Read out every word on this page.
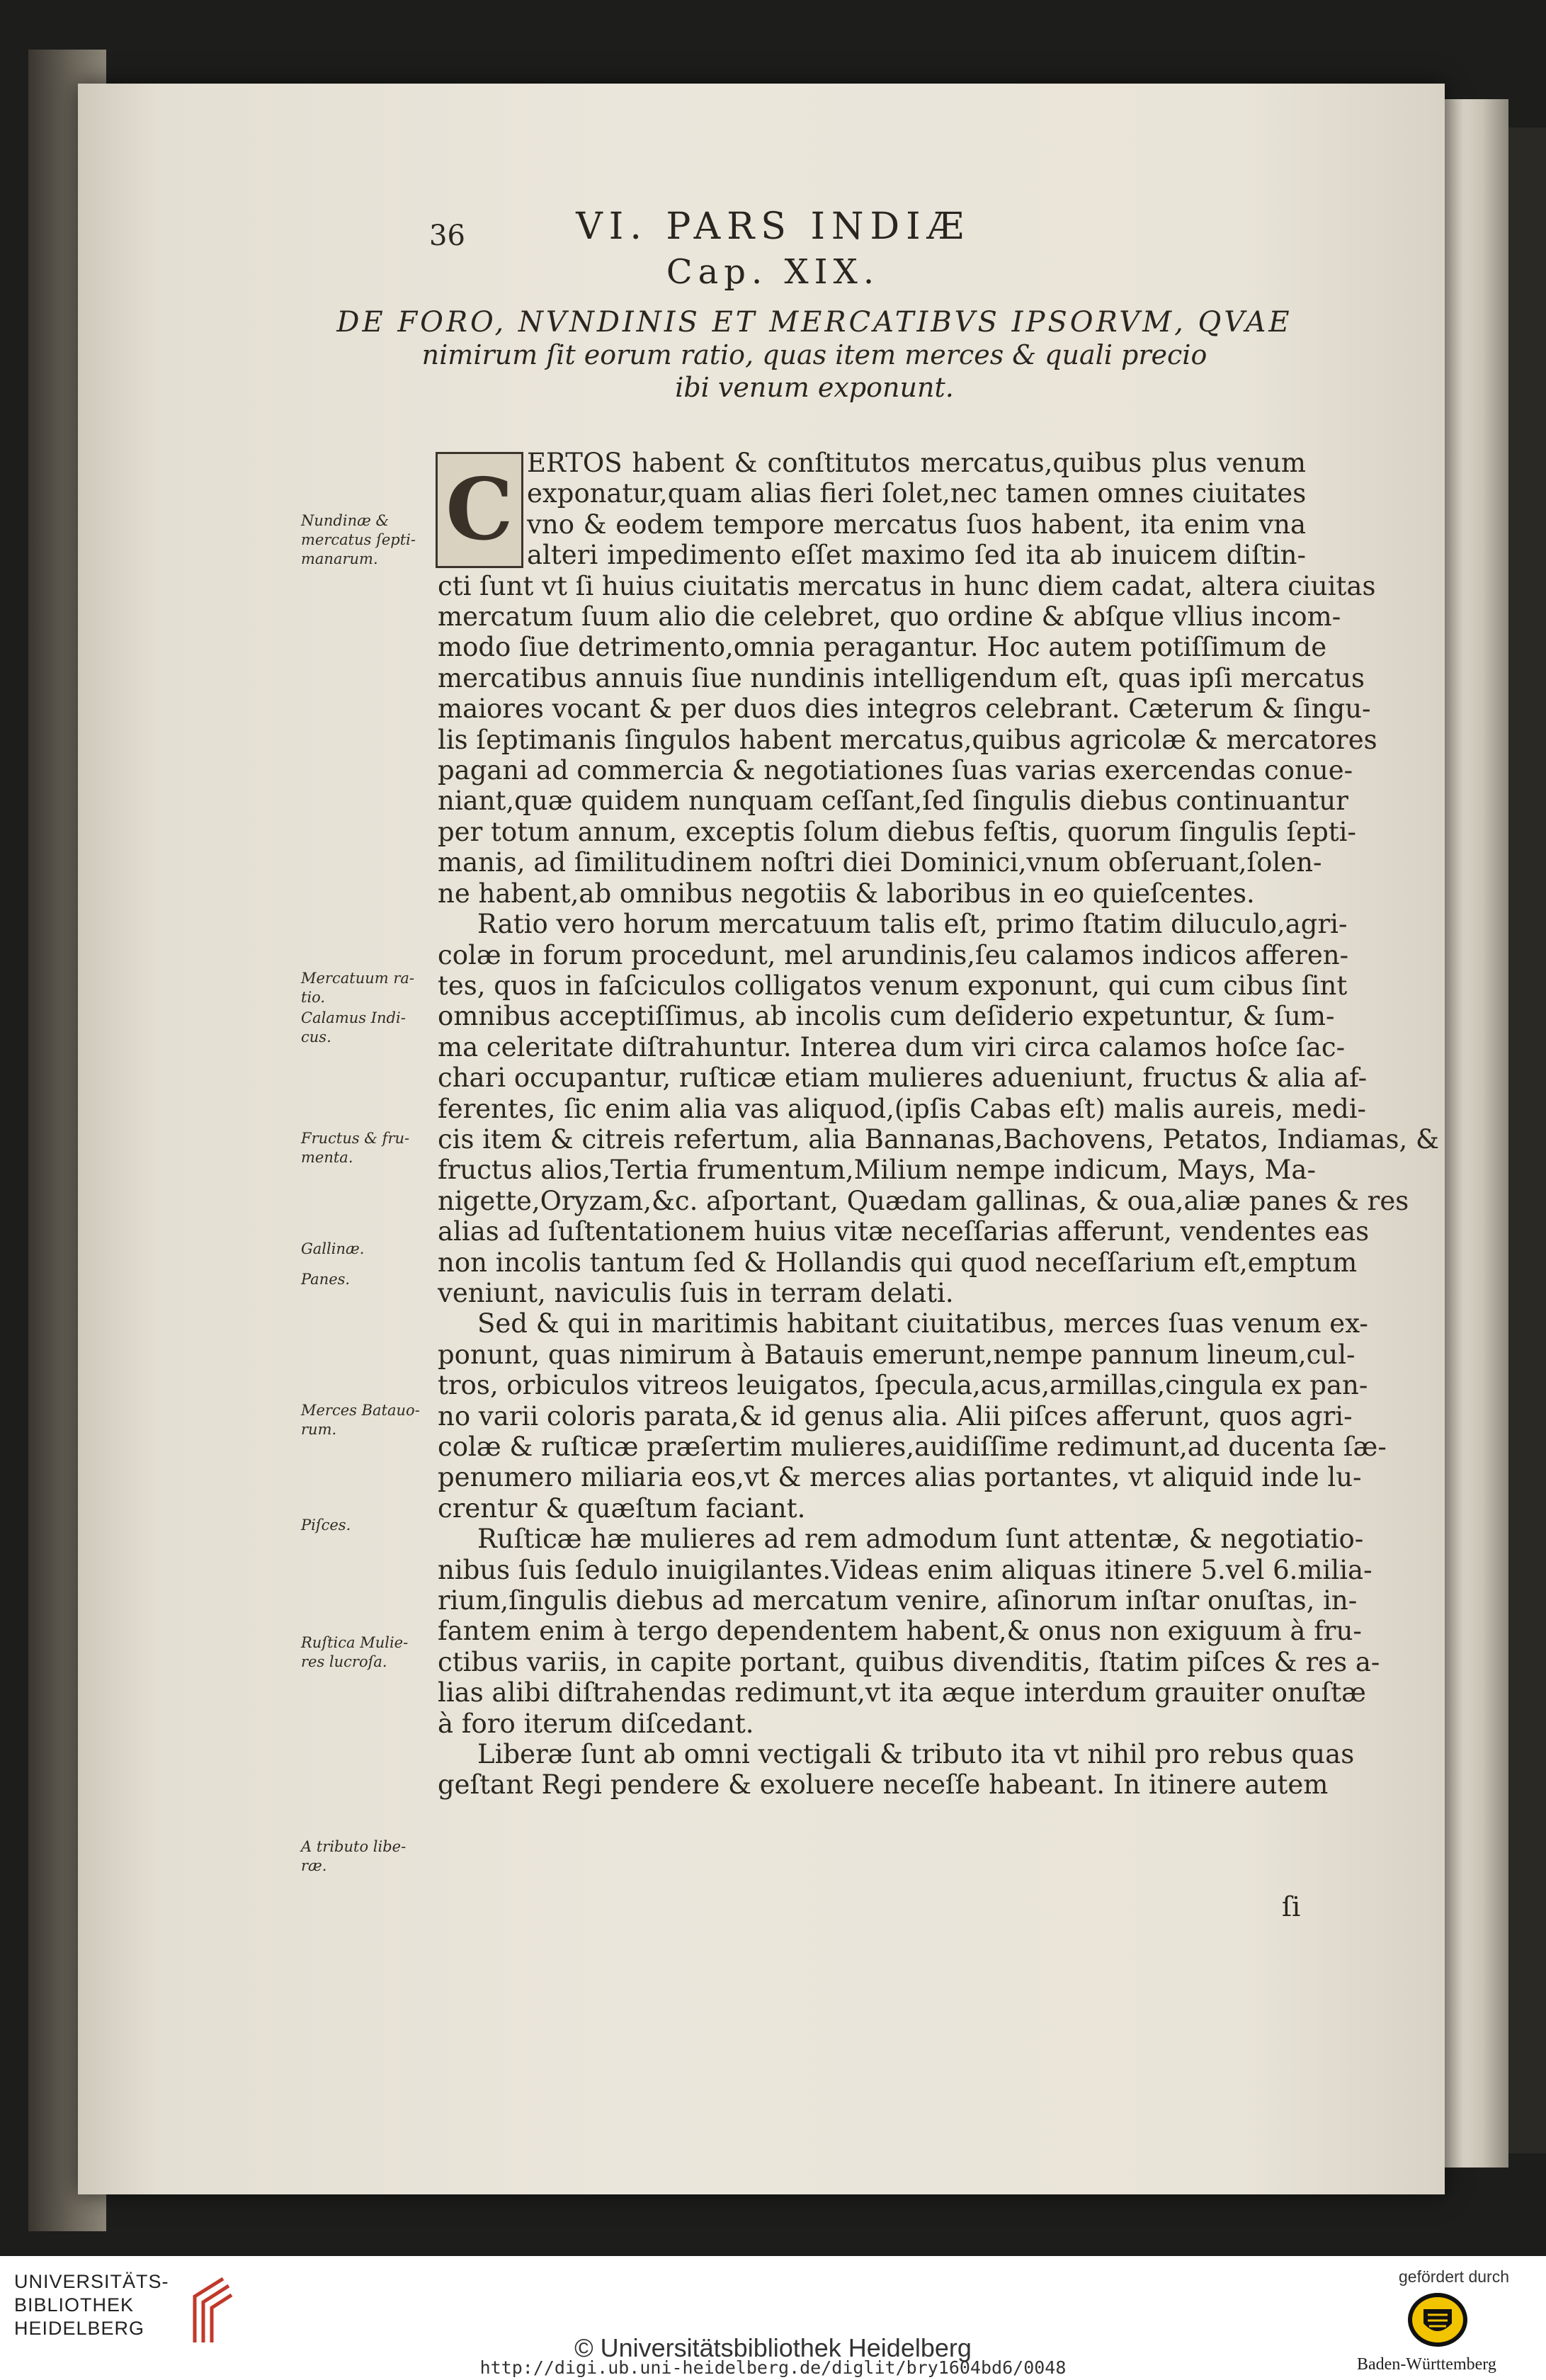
36	VI. PARS INDIÆ
Cap. XIX.
DE FORO, NVNDINIS ET MERCATIBVS IPSORVM, QVAE
nimirum ſit eorum ratio, quas item merces & quali precio
ibi venum exponunt.
C ERTOS habent & conſtitutos mercatus,quibus plus venum
exponatur,quam alias fieri ſolet,nec tamen omnes ciuitates
vno & eodem tempore mercatus ſuos habent, ita enim vna
alteri impedimento eſſet maximo ſed ita ab inuicem diſtin-
cti ſunt vt ſi huius ciuitatis mercatus in hunc diem cadat, altera ciuitas
mercatum ſuum alio die celebret, quo ordine & abſque vllius incom-
modo ſiue detrimento,omnia peragantur. Hoc autem potiſſimum de
mercatibus annuis ſiue nundinis intelligendum eſt, quas ipſi mercatus
maiores vocant & per duos dies integros celebrant. Cæterum & ſingu-
lis ſeptimanis ſingulos habent mercatus,quibus agricolæ & mercatores
pagani ad commercia & negotiationes ſuas varias exercendas conue-
niant,quæ quidem nunquam ceſſant,ſed ſingulis diebus continuantur
per totum annum, exceptis ſolum diebus feſtis, quorum ſingulis ſepti-
manis, ad ſimilitudinem noſtri diei Dominici,vnum obſeruant,ſolen-
ne habent,ab omnibus negotiis & laboribus in eo quieſcentes.
Ratio vero horum mercatuum talis eſt, primo ſtatim diluculo,agri-
colæ in forum procedunt, mel arundinis,ſeu calamos indicos afferen-
tes, quos in faſciculos colligatos venum exponunt, qui cum cibus ſint
omnibus acceptiſſimus, ab incolis cum deſiderio expetuntur, & ſum-
ma celeritate diſtrahuntur. Interea dum viri circa calamos hoſce ſac-
chari occupantur, ruſticæ etiam mulieres adueniunt, fructus & alia af-
ferentes, ſic enim alia vas aliquod,(ipſis Cabas eſt) malis aureis, medi-
cis item & citreis refertum, alia Bannanas,Bachovens, Petatos, Indiamas, &
fructus alios,Tertia frumentum,Milium nempe indicum, Mays, Ma-
nigette,Oryzam,&c. aſportant, Quædam gallinas, & oua,aliæ panes & res
alias ad ſuſtentationem huius vitæ neceſſarias afferunt, vendentes eas
non incolis tantum ſed & Hollandis qui quod neceſſarium eſt,emptum
veniunt, naviculis ſuis in terram delati.
Sed & qui in maritimis habitant ciuitatibus, merces ſuas venum ex-
ponunt, quas nimirum à Batauis emerunt,nempe pannum lineum,cul-
tros, orbiculos vitreos leuigatos, ſpecula,acus,armillas,cingula ex pan-
no varii coloris parata,& id genus alia. Alii piſces afferunt, quos agri-
colæ & ruſticæ præſertim mulieres,auidiſſime redimunt,ad ducenta ſæ-
penumero miliaria eos,vt & merces alias portantes, vt aliquid inde lu-
crentur & quæſtum faciant.
Ruſticæ hæ mulieres ad rem admodum ſunt attentæ, & negotiatio-
nibus ſuis ſedulo inuigilantes.Videas enim aliquas itinere 5.vel 6.milia-
rium,ſingulis diebus ad mercatum venire, aſinorum inſtar onuſtas, in-
fantem enim à tergo dependentem habent,& onus non exiguum à fru-
ctibus variis, in capite portant, quibus divenditis, ſtatim piſces & res a-
lias alibi diſtrahendas redimunt,vt ita æque interdum grauiter onuſtæ
à foro iterum diſcedant.
Liberæ ſunt ab omni vectigali & tributo ita vt nihil pro rebus quas
geſtant Regi pendere & exoluere neceſſe habeant. In itinere autem
ſi
Nundinæ & mercatus ſepti-manarum.
Mercatuum ra-tio.
Calamus Indi-cus.
Fructus & fru-menta.
Gallinæ.
Panes.
Merces Batauo-rum.
Piſces.
Ruſtica Mulie-res lucroſa.
A tributo libe-ræ.
UNIVERSITÄTS-
BIBLIOTHEK
HEIDELBERG
© Universitätsbibliothek Heidelberg
http://digi.ub.uni-heidelberg.de/diglit/bry1604bd6/0048
gefördert durch
Baden-Württemberg
